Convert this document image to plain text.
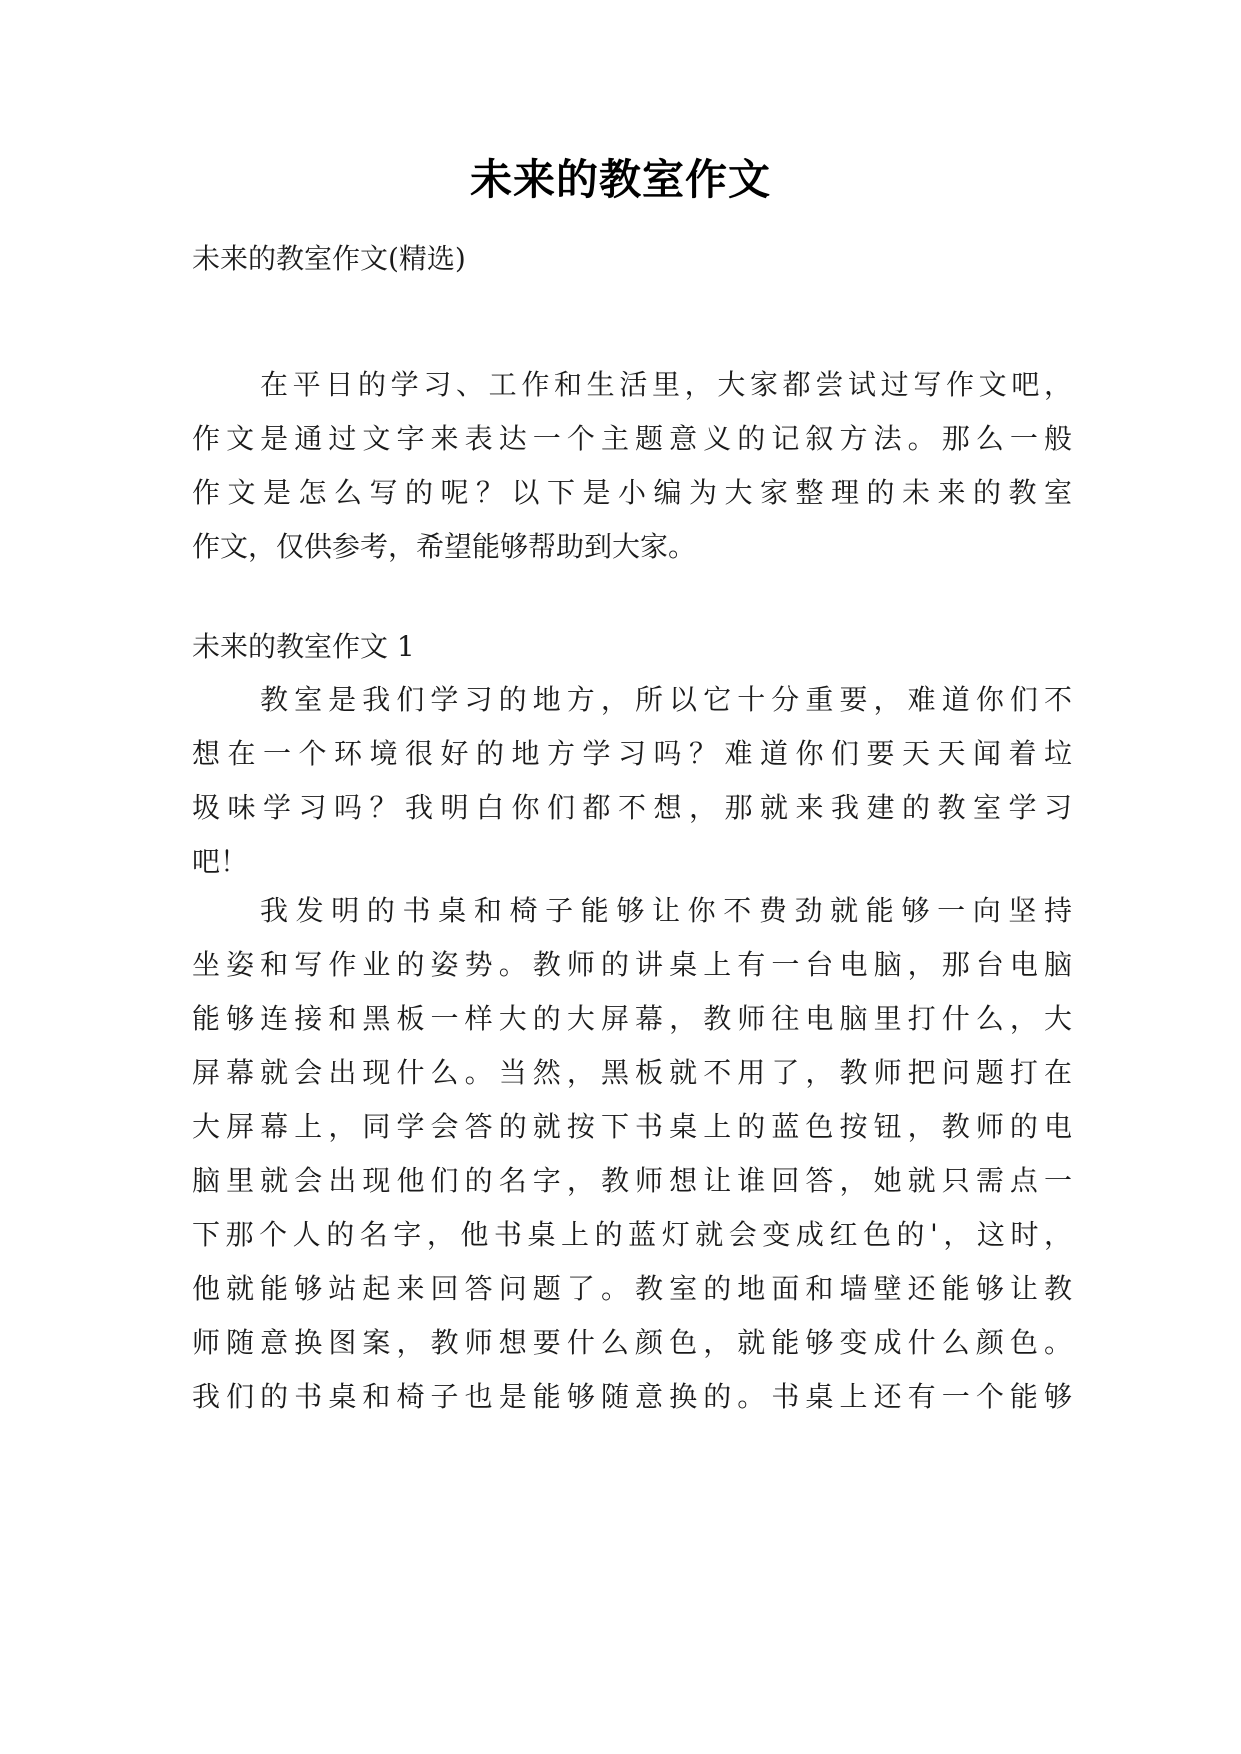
未来的教室作文
未来的教室作文(精选)
在平日的学习、工作和生活里，大家都尝试过写作文吧，
作文是通过文字来表达一个主题意义的记叙方法。那么一般
作文是怎么写的呢？以下是小编为大家整理的未来的教室
作文，仅供参考，希望能够帮助到大家。
未来的教室作文 1
教室是我们学习的地方，所以它十分重要，难道你们不
想在一个环境很好的地方学习吗？难道你们要天天闻着垃
圾味学习吗？我明白你们都不想，那就来我建的教室学习
吧！
我发明的书桌和椅子能够让你不费劲就能够一向坚持
坐姿和写作业的姿势。教师的讲桌上有一台电脑，那台电脑
能够连接和黑板一样大的大屏幕，教师往电脑里打什么，大
屏幕就会出现什么。当然，黑板就不用了，教师把问题打在
大屏幕上，同学会答的就按下书桌上的蓝色按钮，教师的电
脑里就会出现他们的名字，教师想让谁回答，她就只需点一
下那个人的名字，他书桌上的蓝灯就会变成红色的'，这时，
他就能够站起来回答问题了。教室的地面和墙壁还能够让教
师随意换图案，教师想要什么颜色，就能够变成什么颜色。
我们的书桌和椅子也是能够随意换的。书桌上还有一个能够
